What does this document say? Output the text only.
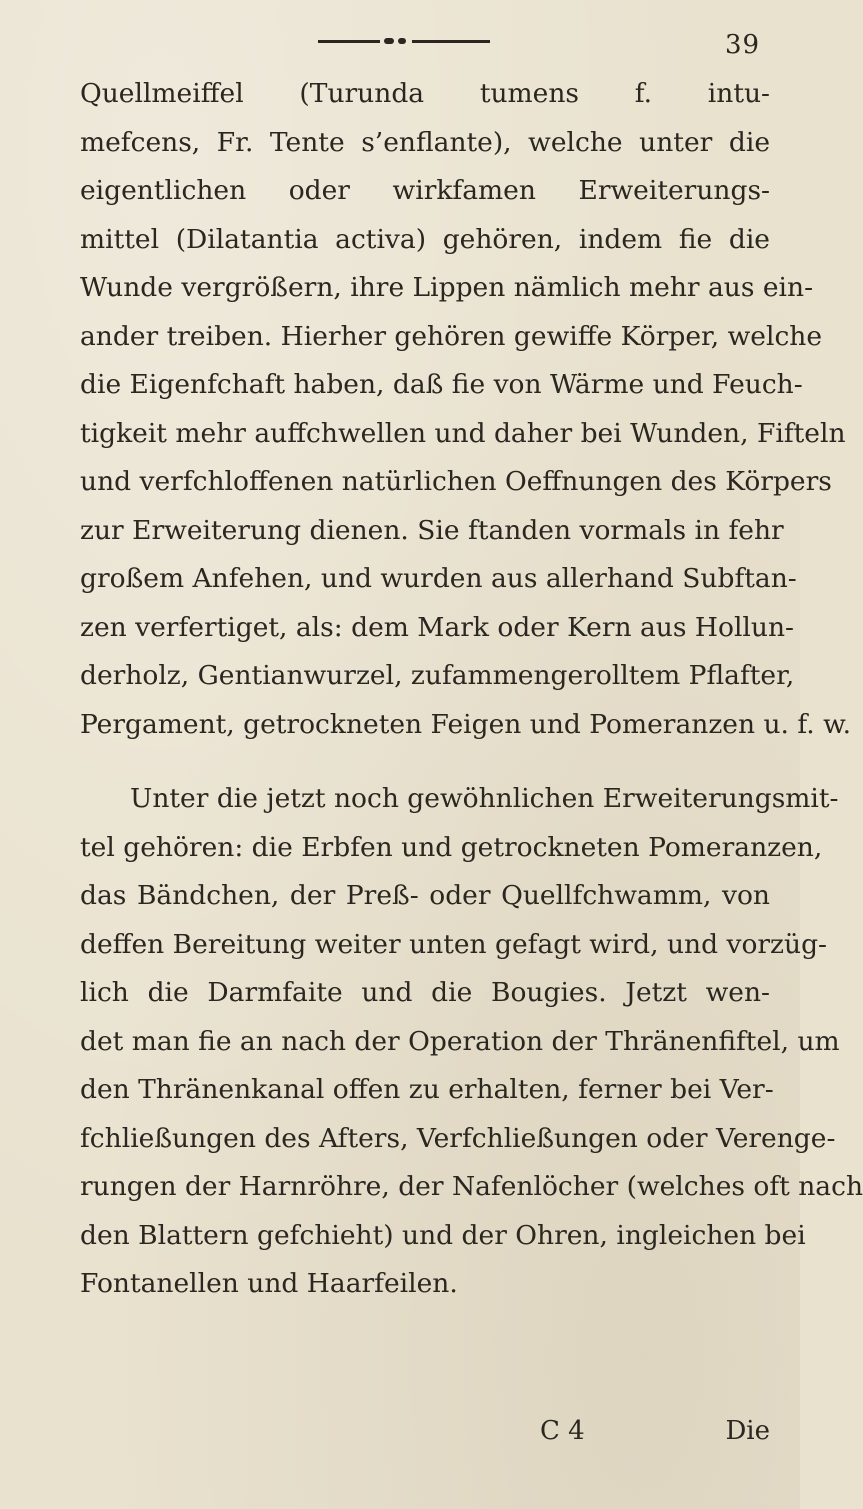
39

Quellmeiffel (Turunda tumens f. intu-

mefcens, Fr. Tente s’enflante), welche unter die

eigentlichen oder wirkfamen Erweiterungs-

mittel (Dilatantia activa) gehören, indem fie die

Wunde vergrößern, ihre Lippen nämlich mehr aus ein-

ander treiben. Hierher gehören gewiffe Körper, welche

die Eigenfchaft haben, daß fie von Wärme und Feuch-

tigkeit mehr auffchwellen und daher bei Wunden, Fifteln

und verfchloffenen natürlichen Oeffnungen des Körpers

zur Erweiterung dienen. Sie ftanden vormals in fehr

großem Anfehen, und wurden aus allerhand Subftan-

zen verfertiget, als: dem Mark oder Kern aus Hollun-

derholz, Gentianwurzel, zufammengerolltem Pflafter,

Pergament, getrockneten Feigen und Pomeranzen u. f. w.

Unter die jetzt noch gewöhnlichen Erweiterungsmit-

tel gehören: die Erbfen und getrockneten Pomeranzen,

das Bändchen, der Preß- oder Quellfchwamm, von

deffen Bereitung weiter unten gefagt wird, und vorzüg-

lich die Darmfaite und die Bougies. Jetzt wen-

det man fie an nach der Operation der Thränenfiftel, um

den Thränenkanal offen zu erhalten, ferner bei Ver-

fchließungen des Afters, Verfchließungen oder Verenge-

rungen der Harnröhre, der Nafenlöcher (welches oft nach

den Blattern gefchieht) und der Ohren, ingleichen bei

Fontanellen und Haarfeilen.

C 4	Die
